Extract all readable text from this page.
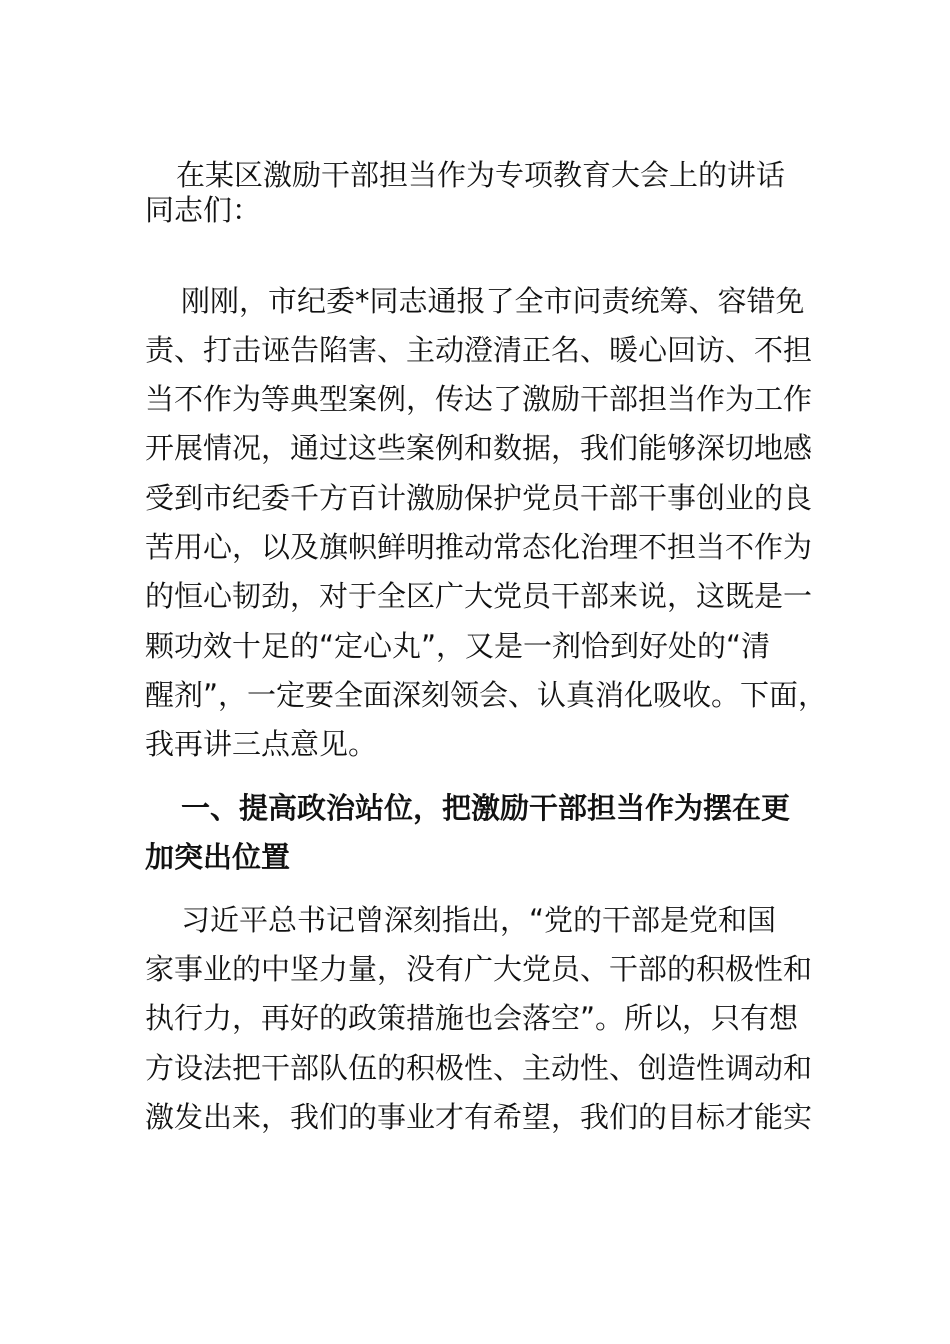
在某区激励干部担当作为专项教育大会上的讲话
同志们：
刚刚，市纪委*同志通报了全市问责统筹、容错免
责、打击诬告陷害、主动澄清正名、暖心回访、不担
当不作为等典型案例，传达了激励干部担当作为工作
开展情况，通过这些案例和数据，我们能够深切地感
受到市纪委千方百计激励保护党员干部干事创业的良
苦用心，以及旗帜鲜明推动常态化治理不担当不作为
的恒心韧劲，对于全区广大党员干部来说，这既是一
颗功效十足的“定心丸”，又是一剂恰到好处的“清
醒剂”，一定要全面深刻领会、认真消化吸收。下面，
我再讲三点意见。
一、提高政治站位，把激励干部担当作为摆在更
加突出位置
习近平总书记曾深刻指出，“党的干部是党和国
家事业的中坚力量，没有广大党员、干部的积极性和
执行力，再好的政策措施也会落空”。所以，只有想
方设法把干部队伍的积极性、主动性、创造性调动和
激发出来，我们的事业才有希望，我们的目标才能实
